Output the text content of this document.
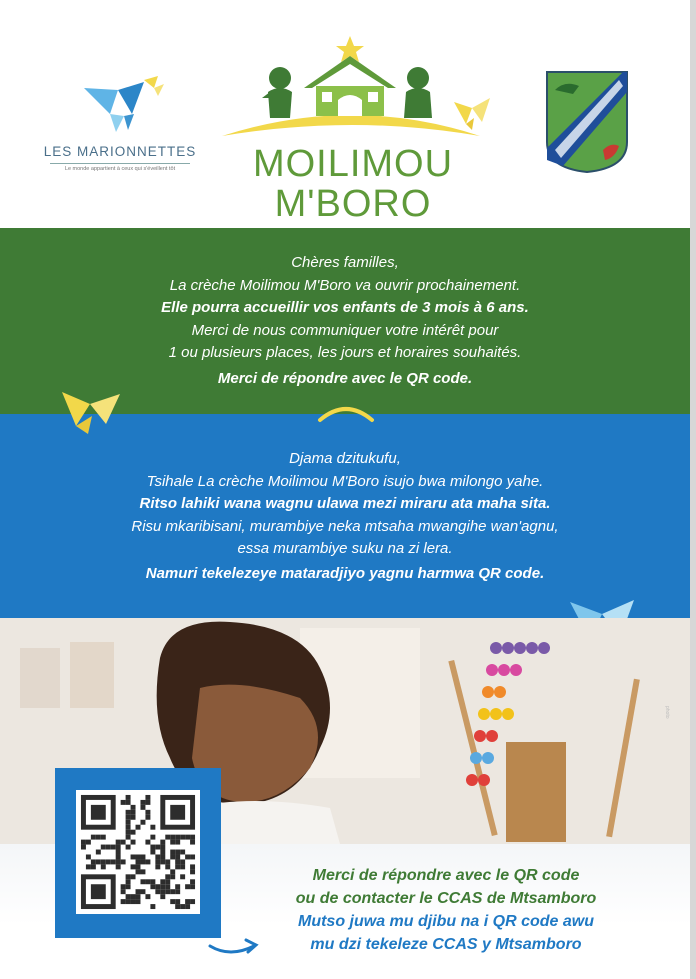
LES MARIONNETTES
Le monde appartient à ceux qui s'éveillent tôt	MOILIMOU
M'BORO
Chères familles,
La crèche Moilimou M'Boro va ouvrir prochainement.
Elle pourra accueillir vos enfants de 3 mois à 6 ans.
Merci de nous communiquer votre intérêt pour
1 ou plusieurs places, les jours et horaires souhaités.
Merci de répondre avec le QR code.
Djama dzitukufu,
Tsihale La crèche Moilimou M'Boro isujo bwa milongo yahe.
Ritso lahiki wana wagnu ulawa mezi miraru ata maha sita.
Risu mkaribisani, murambiye neka mtsaha mwangihe wan'agnu,
essa murambiye suku na zi lera.
Namuri tekelezeye mataradjiyo yagnu harmwa QR code.
photo
Merci de répondre avec le QR code
ou de contacter le CCAS de Mtsamboro
Mutso juwa mu djibu na i QR code awu
mu dzi tekeleze CCAS y Mtsamboro
